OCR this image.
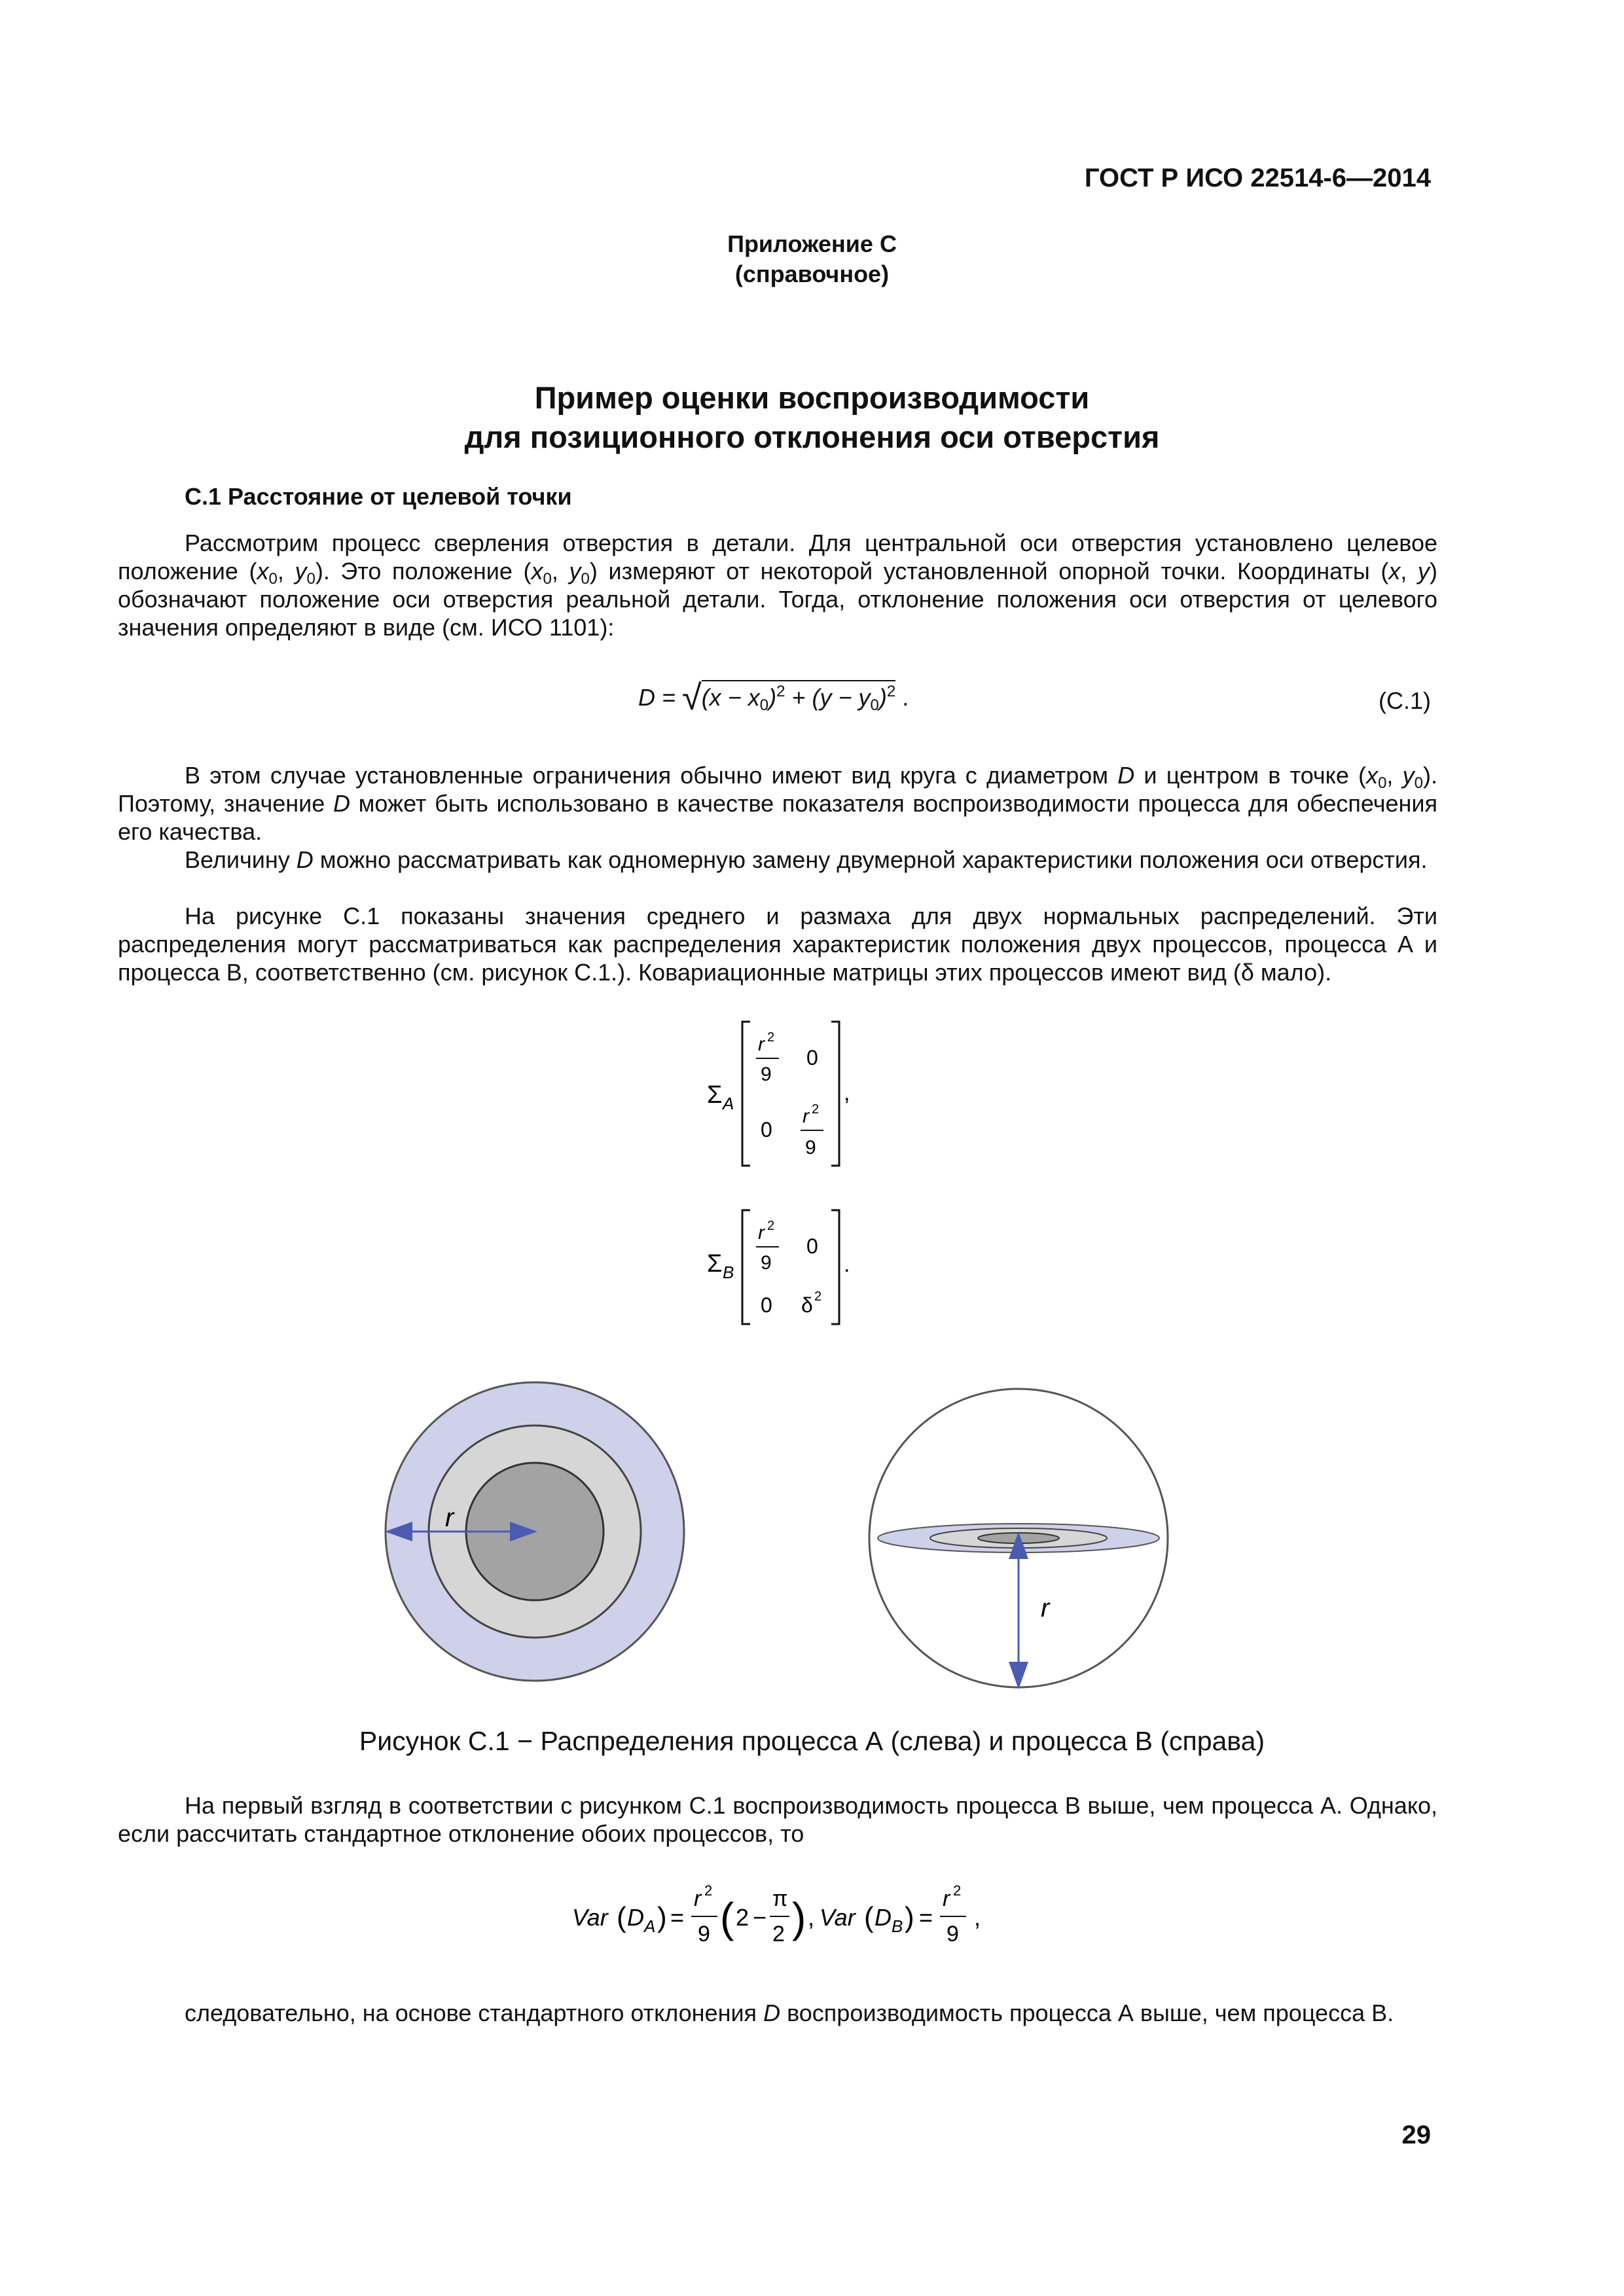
ГОСТ Р ИСО 22514-6—2014
Приложение С
(справочное)
Пример оценки воспроизводимости
для позиционного отклонения оси отверстия
С.1 Расстояние от целевой точки

Рассмотрим процесс сверления отверстия в детали. Для центральной оси отверстия установлено целевое положение ($x_0$, $y_0$). Это положение ($x_0$, $y_0$) измеряют от некоторой установленной опорной точки. Координаты (x, y) обозначают положение оси отверстия реальной детали. Тогда, отклонение положения оси отверстия от целевого значения определяют в виде (см. ИСО 1101):

$D = √(x - x_0)^2 + (y - y_0)^2$ .	(C.1)

В этом случае установленные ограничения обычно имеют вид круга с диаметром D и центром в точке ($x_0$, $y_0$). Поэтому, значение D может быть использовано в качестве показателя воспроизводимости процесса для обеспечения его качества.

Величину D можно рассматривать как одномерную замену двумерной характеристики положения оси отверстия.

На рисунке С.1 показаны значения среднего и размаха для двух нормальных распределений. Эти распределения могут рассматриваться как распределения характеристик положения двух процессов, процесса А и процесса В, соответственно (см. рисунок С.1.). Ковариационные матрицы этих процессов имеют вид (δ мало).

Σ A
r 2
9
0
0
r 2
9
,
Σ B
r 2
9
0
0 δ 2
.
r
r
Рисунок С.1 − Распределения процесса А (слева) и процесса В (справа)

На первый взгляд в соответствии с рисунком С.1 воспроизводимость процесса В выше, чем процесса А. Однако, если рассчитать стандартное отклонение обоих процессов, то

Var ( D A ) =
r 2
9 ( 2 −
π
2 ) , Var ( D B ) =
r 2
9
,
следовательно, на основе стандартного отклонения D воспроизводимость процесса А выше, чем процесса В.
29
